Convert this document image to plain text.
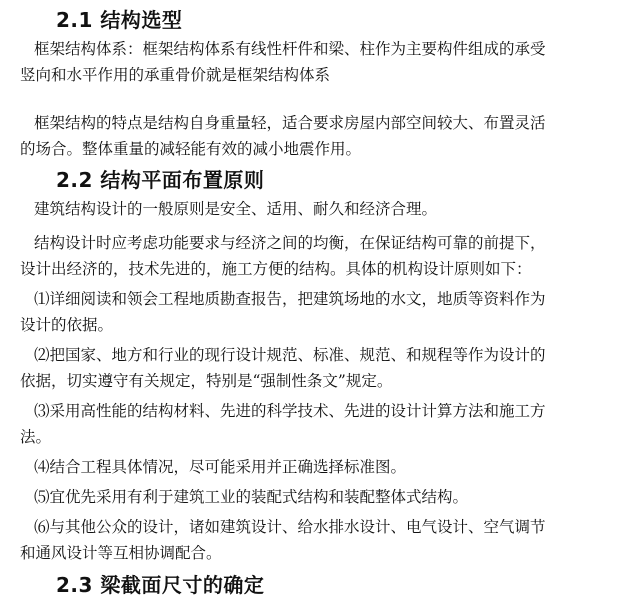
2.1 结构选型
框架结构体系：框架结构体系有线性杆件和梁、柱作为主要构件组成的承受
竖向和水平作用的承重骨价就是框架结构体系
框架结构的特点是结构自身重量轻，适合要求房屋内部空间较大、布置灵活
的场合。整体重量的减轻能有效的减小地震作用。
2.2 结构平面布置原则
建筑结构设计的一般原则是安全、适用、耐久和经济合理。
结构设计时应考虑功能要求与经济之间的均衡，在保证结构可靠的前提下，
设计出经济的，技术先进的，施工方便的结构。具体的机构设计原则如下：
⑴详细阅读和领会工程地质勘查报告，把建筑场地的水文，地质等资料作为
设计的依据。
⑵把国家、地方和行业的现行设计规范、标准、规范、和规程等作为设计的
依据，切实遵守有关规定，特别是“强制性条文”规定。
⑶采用高性能的结构材料、先进的科学技术、先进的设计计算方法和施工方
法。
⑷结合工程具体情况，尽可能采用并正确选择标准图。
⑸宜优先采用有利于建筑工业的装配式结构和装配整体式结构。
⑹与其他公众的设计，诸如建筑设计、给水排水设计、电气设计、空气调节
和通风设计等互相协调配合。
2.3 梁截面尺寸的确定
